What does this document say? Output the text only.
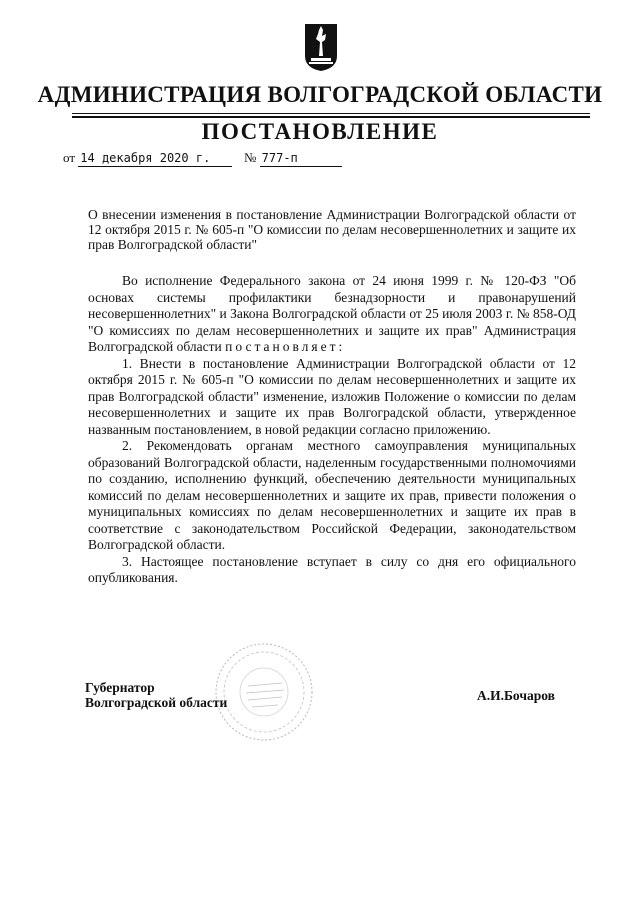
АДМИНИСТРАЦИЯ ВОЛГОГРАДСКОЙ ОБЛАСТИ
ПОСТАНОВЛЕНИЕ
от 14 декабря 2020 г.	№ 777-п
О внесении изменения в постановление Администрации Волгоградской области от 12 октября 2015 г. № 605-п "О комиссии по делам несовершеннолетних и защите их прав Волгоградской области"

Во исполнение Федерального закона от 24 июня 1999 г. № 120-ФЗ "Об основах системы профилактики безнадзорности и правонарушений несовершеннолетних" и Закона Волгоградской области от 25 июля 2003 г. № 858-ОД "О комиссиях по делам несовершеннолетних и защите их прав" Администрация Волгоградской области постановляет:

1. Внести в постановление Администрации Волгоградской области от 12 октября 2015 г. № 605-п "О комиссии по делам несовершеннолетних и защите их прав Волгоградской области" изменение, изложив Положение о комиссии по делам несовершеннолетних и защите их прав Волгоградской области, утвержденное названным постановлением, в новой редакции согласно приложению.

2. Рекомендовать органам местного самоуправления муниципальных образований Волгоградской области, наделенным государственными полномочиями по созданию, исполнению функций, обеспечению деятельности муниципальных комиссий по делам несовершеннолетних и защите их прав, привести положения о муниципальных комиссиях по делам несовершеннолетних и защите их прав в соответствие с законодательством Российской Федерации, законодательством Волгоградской области.

3. Настоящее постановление вступает в силу со дня его официального опубликования.

Губернатор
Волгоградской области	А.И.Бочаров
